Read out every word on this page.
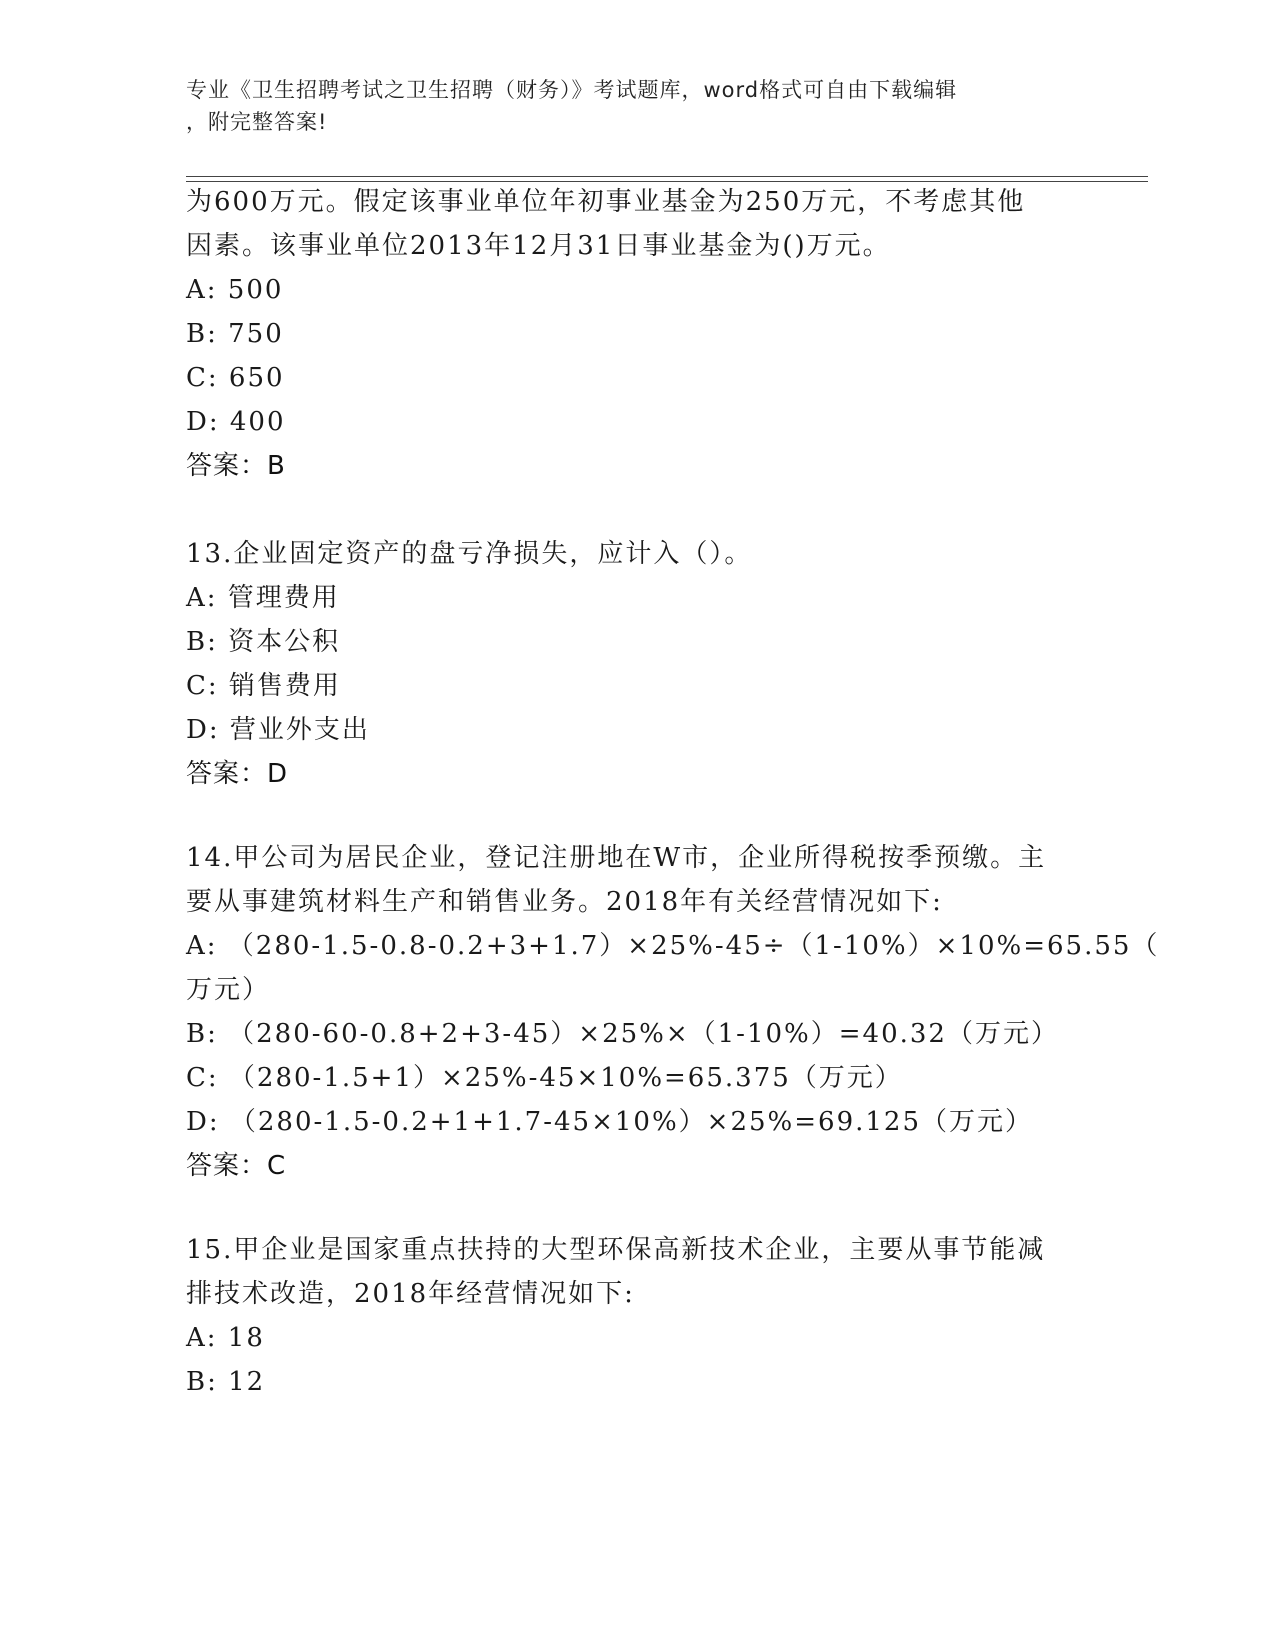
专业《卫生招聘考试之卫生招聘（财务）》考试题库，word格式可自由下载编辑
，附完整答案!
为600万元。假定该事业单位年初事业基金为250万元，不考虑其他
因素。该事业单位2013年12月31日事业基金为()万元。
A: 500
B: 750
C: 650
D: 400
答案：B
13.企业固定资产的盘亏净损失，应计入（）。
A: 管理费用
B: 资本公积
C: 销售费用
D: 营业外支出
答案：D
14.甲公司为居民企业，登记注册地在W市，企业所得税按季预缴。主
要从事建筑材料生产和销售业务。2018年有关经营情况如下:
A: （280-1.5-0.8-0.2+3+1.7）×25%-45÷（1-10%）×10%=65.55（
万元）
B: （280-60-0.8+2+3-45）×25%×（1-10%）=40.32（万元）
C: （280-1.5+1）×25%-45×10%=65.375（万元）
D: （280-1.5-0.2+1+1.7-45×10%）×25%=69.125（万元）
答案：C
15.甲企业是国家重点扶持的大型环保高新技术企业，主要从事节能减
排技术改造，2018年经营情况如下:
A: 18
B: 12
